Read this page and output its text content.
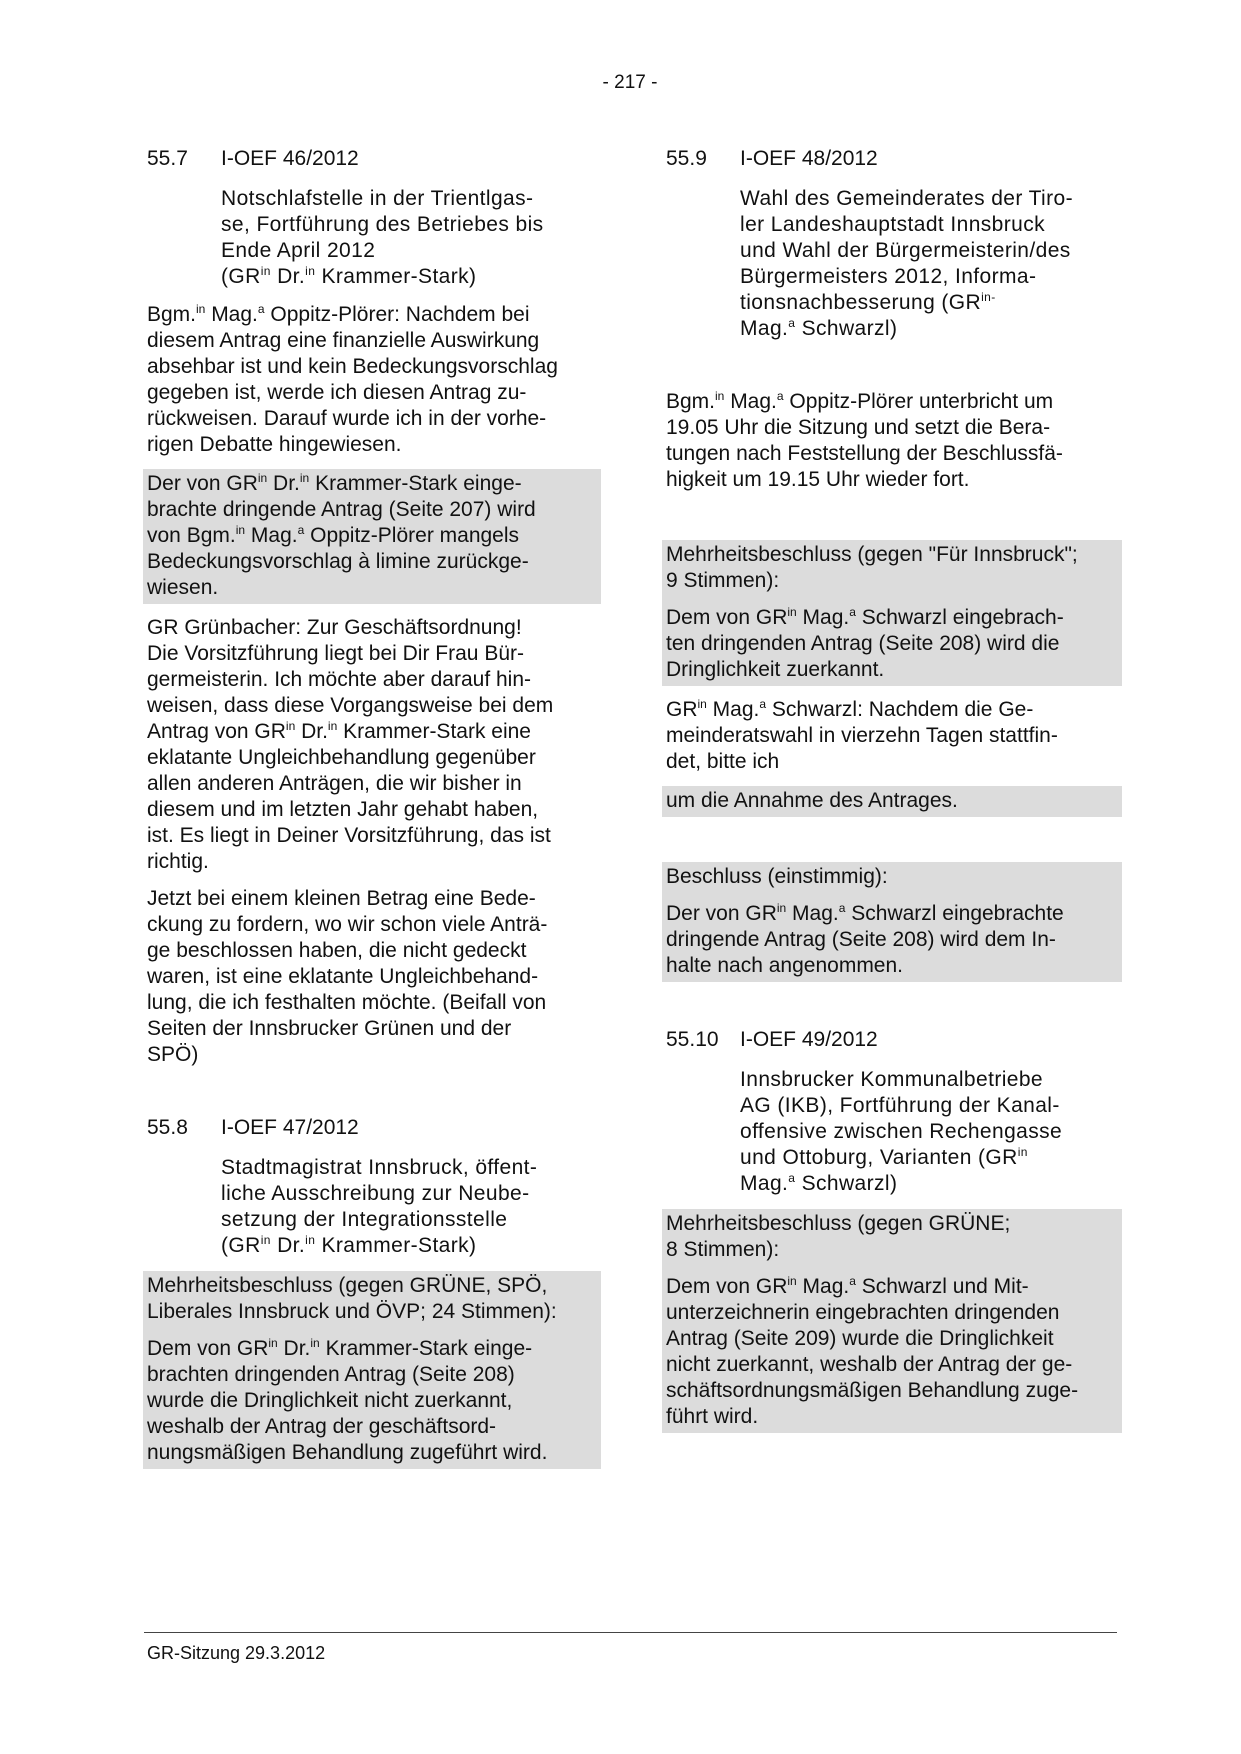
- 217 -
55.7	I-OEF 46/2012
Notschlafstelle in der Trientlgas-
se, Fortführung des Betriebes bis
Ende April 2012
($GR^{in}$ Dr.$^{in}$ Krammer-Stark)

Bgm.$^{in}$ Mag.$^a$ Oppitz-Plörer: Nachdem bei
diesem Antrag eine finanzielle Auswirkung
absehbar ist und kein Bedeckungsvorschlag
gegeben ist, werde ich diesen Antrag zu-
rückweisen. Darauf wurde ich in der vorhe-
rigen Debatte hingewiesen.

Der von $GR^{in}$ Dr.$^{in}$ Krammer-Stark einge-
brachte dringende Antrag (Seite 207) wird
von Bgm.$^{in}$ Mag.$^a$ Oppitz-Plörer mangels
Bedeckungsvorschlag à limine zurückge-
wiesen.

GR Grünbacher: Zur Geschäftsordnung!
Die Vorsitzführung liegt bei Dir Frau Bür-
germeisterin. Ich möchte aber darauf hin-
weisen, dass diese Vorgangsweise bei dem
Antrag von $GR^{in}$ Dr.$^{in}$ Krammer-Stark eine
eklatante Ungleichbehandlung gegenüber
allen anderen Anträgen, die wir bisher in
diesem und im letzten Jahr gehabt haben,
ist. Es liegt in Deiner Vorsitzführung, das ist
richtig.

Jetzt bei einem kleinen Betrag eine Bede-
ckung zu fordern, wo wir schon viele Anträ-
ge beschlossen haben, die nicht gedeckt
waren, ist eine eklatante Ungleichbehand-
lung, die ich festhalten möchte. (Beifall von
Seiten der Innsbrucker Grünen und der
SPÖ)

55.8	I-OEF 47/2012
Stadtmagistrat Innsbruck, öffent-
liche Ausschreibung zur Neube-
setzung der Integrationsstelle
($GR^{in}$ Dr.$^{in}$ Krammer-Stark)

Mehrheitsbeschluss (gegen GRÜNE, SPÖ,
Liberales Innsbruck und ÖVP; 24 Stimmen):

Dem von $GR^{in}$ Dr.$^{in}$ Krammer-Stark einge-
brachten dringenden Antrag (Seite 208)
wurde die Dringlichkeit nicht zuerkannt,
weshalb der Antrag der geschäftsord-
nungsmäßigen Behandlung zugeführt wird.

55.9	I-OEF 48/2012
Wahl des Gemeinderates der Tiro-
ler Landeshauptstadt Innsbruck
und Wahl der Bürgermeisterin/des
Bürgermeisters 2012, Informa-
tionsnachbesserung ($GR^{in-}$
Mag.$^a$ Schwarzl)

Bgm.$^{in}$ Mag.$^a$ Oppitz-Plörer unterbricht um
19.05 Uhr die Sitzung und setzt die Bera-
tungen nach Feststellung der Beschlussfä-
higkeit um 19.15 Uhr wieder fort.

Mehrheitsbeschluss (gegen "Für Innsbruck";
9 Stimmen):

Dem von $GR^{in}$ Mag.$^a$ Schwarzl eingebrach-
ten dringenden Antrag (Seite 208) wird die
Dringlichkeit zuerkannt.

$GR^{in}$ Mag.$^a$ Schwarzl: Nachdem die Ge-
meinderatswahl in vierzehn Tagen stattfin-
det, bitte ich

um die Annahme des Antrages.

Beschluss (einstimmig):

Der von $GR^{in}$ Mag.$^a$ Schwarzl eingebrachte
dringende Antrag (Seite 208) wird dem In-
halte nach angenommen.

55.10	I-OEF 49/2012
Innsbrucker Kommunalbetriebe
AG (IKB), Fortführung der Kanal-
offensive zwischen Rechengasse
und Ottoburg, Varianten ($GR^{in}$
Mag.$^a$ Schwarzl)

Mehrheitsbeschluss (gegen GRÜNE;
8 Stimmen):

Dem von $GR^{in}$ Mag.$^a$ Schwarzl und Mit-
unterzeichnerin eingebrachten dringenden
Antrag (Seite 209) wurde die Dringlichkeit
nicht zuerkannt, weshalb der Antrag der ge-
schäftsordnungsmäßigen Behandlung zuge-
führt wird.

GR-Sitzung 29.3.2012
